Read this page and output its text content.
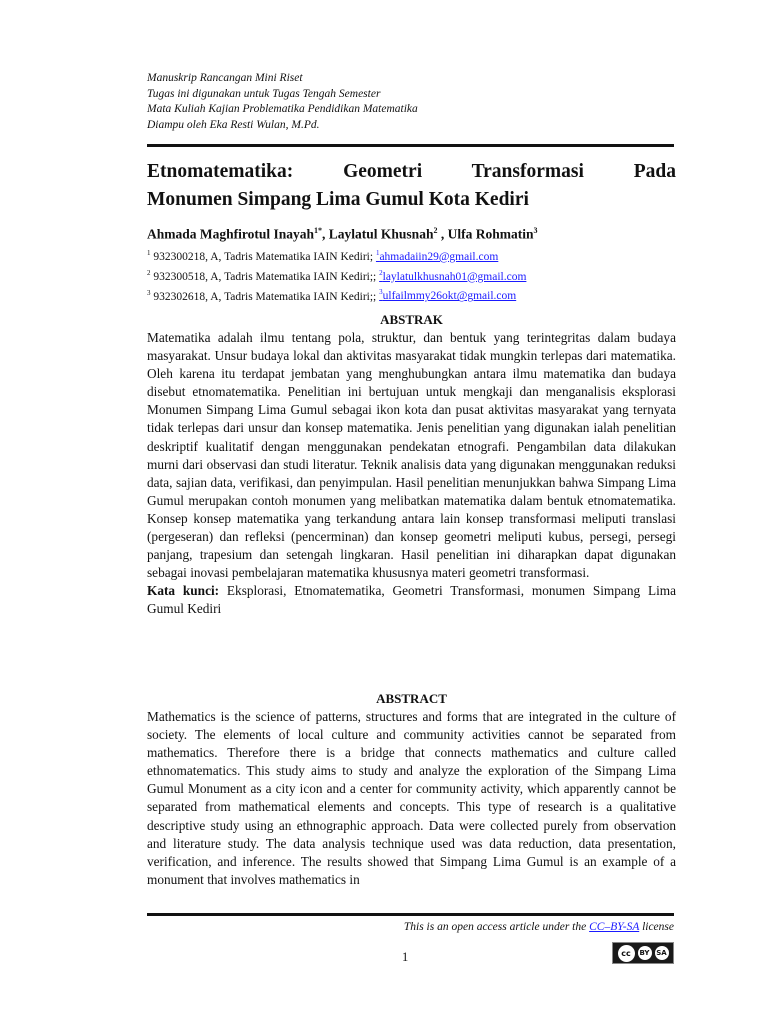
Manuskrip Rancangan Mini Riset
Tugas ini digunakan untuk Tugas Tengah Semester
Mata Kuliah Kajian Problematika Pendidikan Matematika
Diampu oleh Eka Resti Wulan, M.Pd.
Etnomatematika: Geometri Transformasi Pada
Monumen Simpang Lima Gumul Kota Kediri
Ahmada Maghfirotul Inayah$^{1*}$, Laylatul Khusnah$^2$ , Ulfa Rohmatin$^3$
$^1$ 932300218, A, Tadris Matematika IAIN Kediri; $^1$ahmadaiin29@gmail.com
$^2$ 932300518, A, Tadris Matematika IAIN Kediri;; $^2$laylatulkhusnah01@gmail.com
$^3$ 932302618, A, Tadris Matematika IAIN Kediri;; $^3$ulfailmmy26okt@gmail.com
ABSTRAK
Matematika adalah ilmu tentang pola, struktur, dan bentuk yang terintegritas dalam budaya masyarakat. Unsur budaya lokal dan aktivitas masyarakat tidak mungkin terlepas dari matematika. Oleh karena itu terdapat jembatan yang menghubungkan antara ilmu matematika dan budaya disebut etnomatematika. Penelitian ini bertujuan untuk mengkaji dan menganalisis eksplorasi Monumen Simpang Lima Gumul sebagai ikon kota dan pusat aktivitas masyarakat yang ternyata tidak terlepas dari unsur dan konsep matematika. Jenis penelitian yang digunakan ialah penelitian deskriptif kualitatif dengan menggunakan pendekatan etnografi. Pengambilan data dilakukan murni dari observasi dan studi literatur. Teknik analisis data yang digunakan menggunakan reduksi data, sajian data, verifikasi, dan penyimpulan. Hasil penelitian menunjukkan bahwa Simpang Lima Gumul merupakan contoh monumen yang melibatkan matematika dalam bentuk etnomatematika. Konsep konsep matematika yang terkandung antara lain konsep transformasi meliputi translasi (pergeseran) dan refleksi (pencerminan) dan konsep geometri meliputi kubus, persegi, persegi panjang, trapesium dan setengah lingkaran. Hasil penelitian ini diharapkan dapat digunakan sebagai inovasi pembelajaran matematika khususnya materi geometri transformasi.
Kata kunci: Eksplorasi, Etnomatematika, Geometri Transformasi, monumen Simpang Lima Gumul Kediri
ABSTRACT
Mathematics is the science of patterns, structures and forms that are integrated in the culture of society. The elements of local culture and community activities cannot be separated from mathematics. Therefore there is a bridge that connects mathematics and culture called ethnomatematics. This study aims to study and analyze the exploration of the Simpang Lima Gumul Monument as a city icon and a center for community activity, which apparently cannot be separated from mathematical elements and concepts. This type of research is a qualitative descriptive study using an ethnographic approach. Data were collected purely from observation and literature study. The data analysis technique used was data reduction, data presentation, verification, and inference. The results showed that Simpang Lima Gumul is an example of a monument that involves mathematics in
This is an open access article under the CC–BY-SA license
1	cc	BY SA
